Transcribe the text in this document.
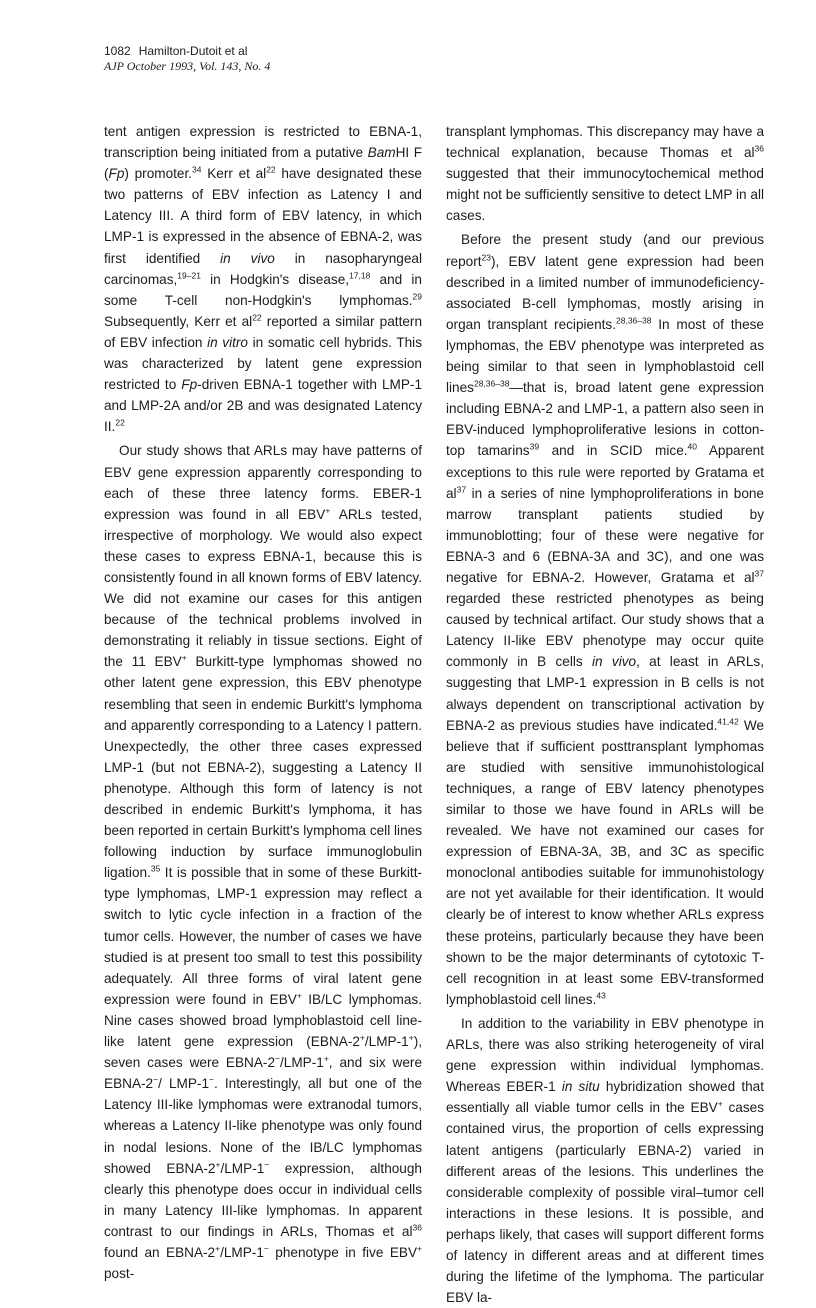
1082 Hamilton-Dutoit et al
AJP October 1993, Vol. 143, No. 4

tent antigen expression is restricted to EBNA-1, transcription being initiated from a putative BamHI F (Fp) promoter.$^{34}$ Kerr et $al^{22}$ have designated these two patterns of EBV infection as Latency I and Latency III. A third form of EBV latency, in which LMP-1 is expressed in the absence of EBNA-2, was first identified in vivo in nasopharyngeal carcinomas,$^{19-21}$ in Hodgkin's disease,$^{17,18}$ and in some T-cell non-Hodgkin's lymphomas.$^{29}$ Subsequently, Kerr et $al^{22}$ reported a similar pattern of EBV infection in vitro in somatic cell hybrids. This was characterized by latent gene expression restricted to Fp-driven EBNA-1 together with LMP-1 and LMP-2A and/or 2B and was designated Latency II.$^{22}$

Our study shows that ARLs may have patterns of EBV gene expression apparently corresponding to each of these three latency forms. EBER-1 expression was found in all EBV+ ARLs tested, irrespective of morphology. We would also expect these cases to express EBNA-1, because this is consistently found in all known forms of EBV latency. We did not examine our cases for this antigen because of the technical problems involved in demonstrating it reliably in tissue sections. Eight of the 11 EBV+ Burkitt-type lymphomas showed no other latent gene expression, this EBV phenotype resembling that seen in endemic Burkitt's lymphoma and apparently corresponding to a Latency I pattern. Unexpectedly, the other three cases expressed LMP-1 (but not EBNA-2), suggesting a Latency II phenotype. Although this form of latency is not described in endemic Burkitt's lymphoma, it has been reported in certain Burkitt's lymphoma cell lines following induction by surface immunoglobulin ligation.$^{35}$ It is possible that in some of these Burkitt-type lymphomas, LMP-1 expression may reflect a switch to lytic cycle infection in a fraction of the tumor cells. However, the number of cases we have studied is at present too small to test this possibility adequately. All three forms of viral latent gene expression were found in EBV+ IB/LC lymphomas. Nine cases showed broad lymphoblastoid cell line-like latent gene expression (EBNA-2+/LMP-1+), seven cases were EBNA-2−/LMP-1+, and six were EBNA-2−/ LMP-1−. Interestingly, all but one of the Latency III-like lymphomas were extranodal tumors, whereas a Latency II-like phenotype was only found in nodal lesions. None of the IB/LC lymphomas showed EBNA-2+/LMP-1− expression, although clearly this phenotype does occur in individual cells in many Latency III-like lymphomas. In apparent contrast to our findings in ARLs, Thomas et $al^{36}$ found an EBNA-2+/LMP-1− phenotype in five EBV+ post-

transplant lymphomas. This discrepancy may have a technical explanation, because Thomas et $al^{36}$ suggested that their immunocytochemical method might not be sufficiently sensitive to detect LMP in all cases.

Before the present study (and our previous report$^{23}$), EBV latent gene expression had been described in a limited number of immunodeficiency-associated B-cell lymphomas, mostly arising in organ transplant recipients.$^{28,36-38}$ In most of these lymphomas, the EBV phenotype was interpreted as being similar to that seen in lymphoblastoid cell lines$^{28,36-38}$—that is, broad latent gene expression including EBNA-2 and LMP-1, a pattern also seen in EBV-induced lymphoproliferative lesions in cotton-top tamarins$^{39}$ and in SCID mice.$^{40}$ Apparent exceptions to this rule were reported by Gratama et $al^{37}$ in a series of nine lymphoproliferations in bone marrow transplant patients studied by immunoblotting; four of these were negative for EBNA-3 and 6 (EBNA-3A and 3C), and one was negative for EBNA-2. However, Gratama et $al^{37}$ regarded these restricted phenotypes as being caused by technical artifact. Our study shows that a Latency II-like EBV phenotype may occur quite commonly in B cells in vivo, at least in ARLs, suggesting that LMP-1 expression in B cells is not always dependent on transcriptional activation by EBNA-2 as previous studies have indicated.$^{41,42}$ We believe that if sufficient posttransplant lymphomas are studied with sensitive immunohistological techniques, a range of EBV latency phenotypes similar to those we have found in ARLs will be revealed. We have not examined our cases for expression of EBNA-3A, 3B, and 3C as specific monoclonal antibodies suitable for immunohistology are not yet available for their identification. It would clearly be of interest to know whether ARLs express these proteins, particularly because they have been shown to be the major determinants of cytotoxic T-cell recognition in at least some EBV-transformed lymphoblastoid cell lines.$^{43}$

In addition to the variability in EBV phenotype in ARLs, there was also striking heterogeneity of viral gene expression within individual lymphomas. Whereas EBER-1 in situ hybridization showed that essentially all viable tumor cells in the EBV+ cases contained virus, the proportion of cells expressing latent antigens (particularly EBNA-2) varied in different areas of the lesions. This underlines the considerable complexity of possible viral–tumor cell interactions in these lesions. It is possible, and perhaps likely, that cases will support different forms of latency in different areas and at different times during the lifetime of the lymphoma. The particular EBV la-
